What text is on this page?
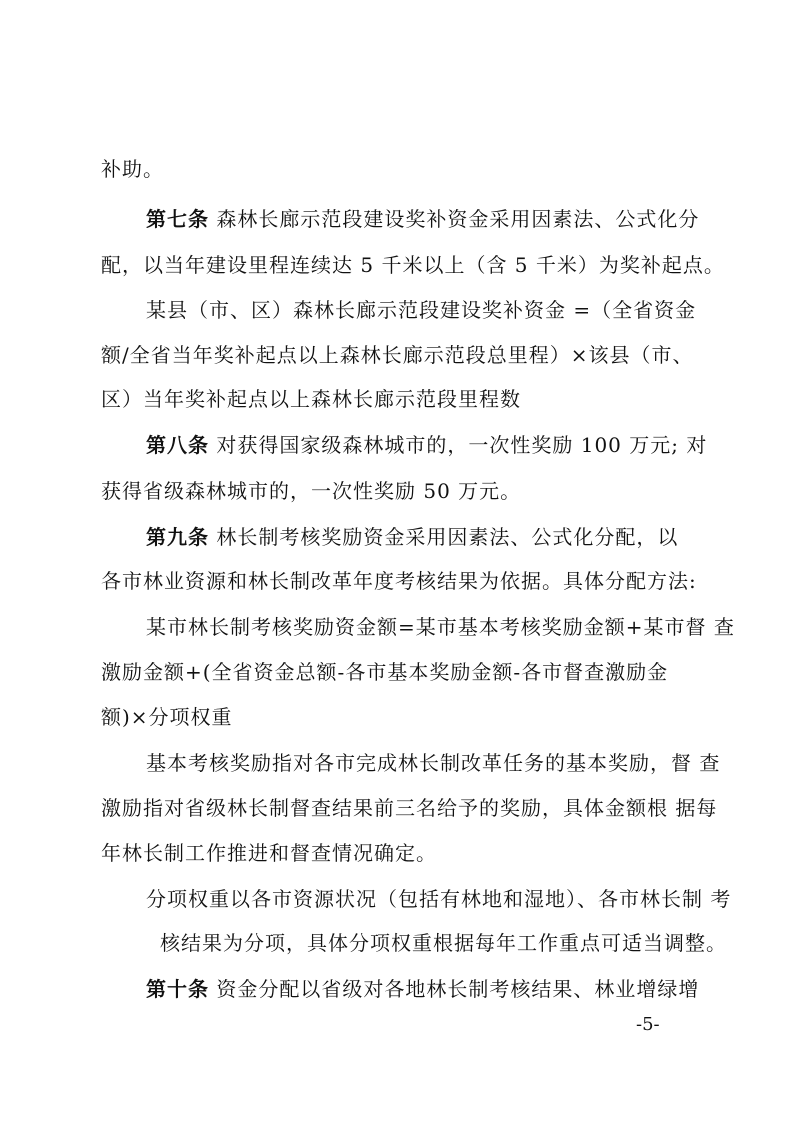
补助。
第七条 森林长廊示范段建设奖补资金采用因素法、公式化分
配，以当年建设里程连续达 5 千米以上（含 5 千米）为奖补起点。
某县（市、区）森林长廊示范段建设奖补资金 =（全省资金
额/全省当年奖补起点以上森林长廊示范段总里程）×该县（市、
区）当年奖补起点以上森林长廊示范段里程数
第八条 对获得国家级森林城市的，一次性奖励 100 万元; 对
获得省级森林城市的，一次性奖励 50 万元。
第九条 林长制考核奖励资金采用因素法、公式化分配，以
各市林业资源和林长制改革年度考核结果为依据。具体分配方法:
某市林长制考核奖励资金额=某市基本考核奖励金额+某市督 查
激励金额+(全省资金总额-各市基本奖励金额-各市督查激励金
额)×分项权重
基本考核奖励指对各市完成林长制改革任务的基本奖励，督 查
激励指对省级林长制督查结果前三名给予的奖励，具体金额根 据每
年林长制工作推进和督查情况确定。
分项权重以各市资源状况（包括有林地和湿地）、各市林长制 考
核结果为分项，具体分项权重根据每年工作重点可适当调整。
第十条 资金分配以省级对各地林长制考核结果、林业增绿增
-5-
